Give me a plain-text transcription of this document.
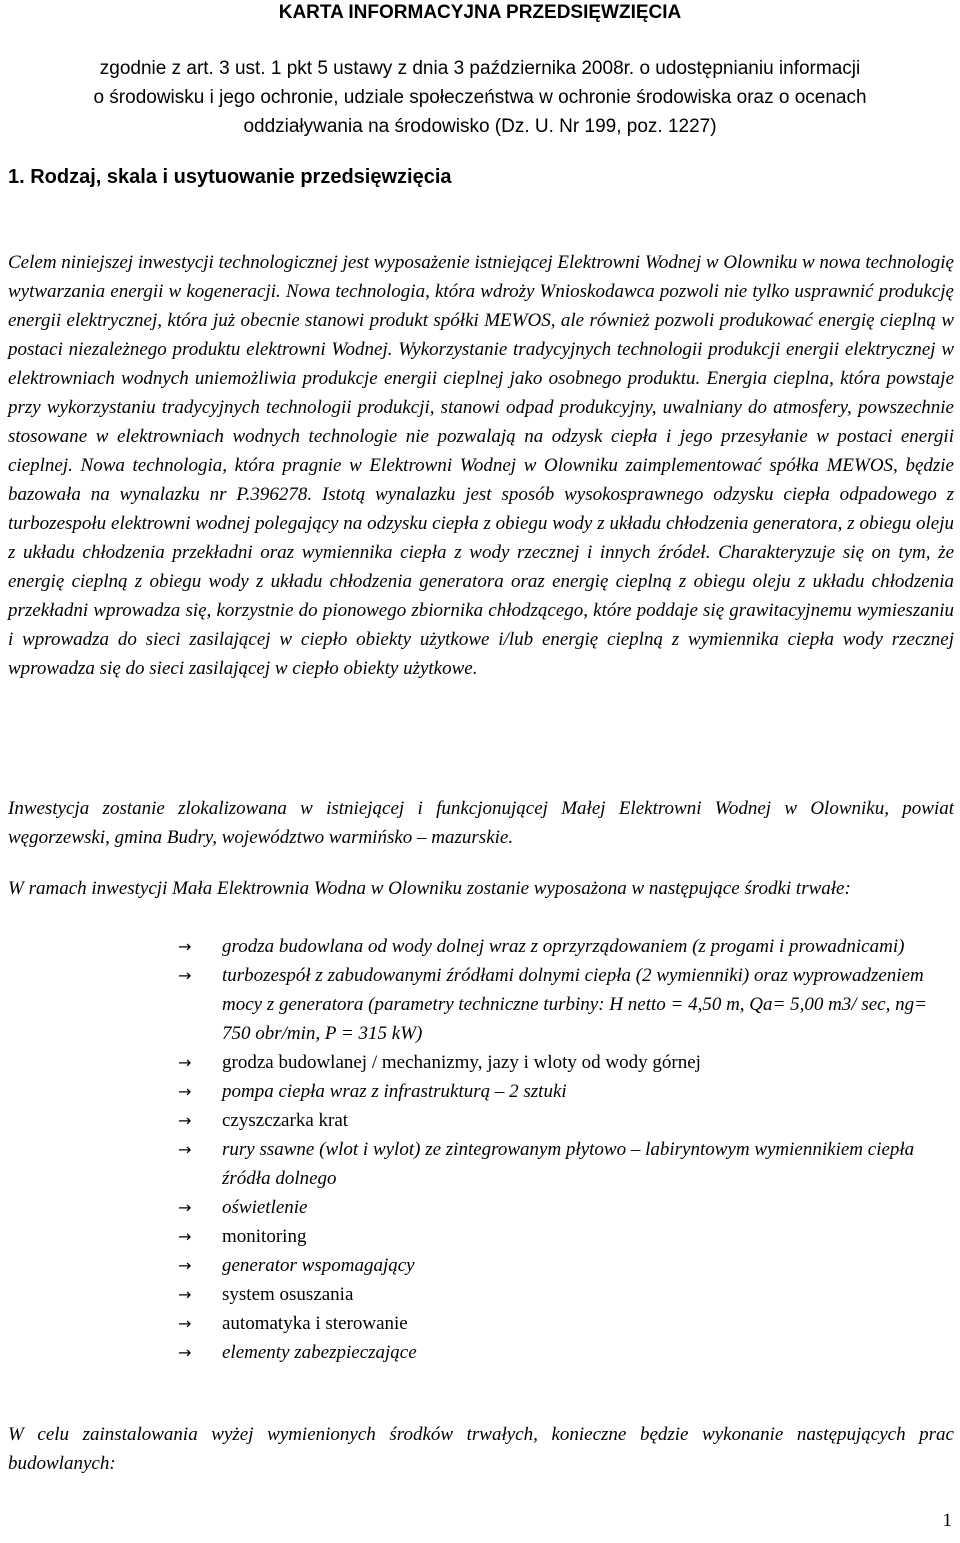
KARTA INFORMACYJNA PRZEDSIĘWZIĘCIA
zgodnie z art. 3 ust. 1 pkt 5 ustawy z dnia 3 października 2008r. o udostępnianiu informacji
o środowisku i jego ochronie, udziale społeczeństwa w ochronie środowiska oraz o ocenach
oddziaływania na środowisko (Dz. U. Nr 199, poz. 1227)
1. Rodzaj, skala i usytuowanie przedsięwzięcia

Celem niniejszej inwestycji technologicznej jest wyposażenie istniejącej Elektrowni Wodnej w Olowniku w nowa technologię wytwarzania energii w kogeneracji. Nowa technologia, która wdroży Wnioskodawca pozwoli nie tylko usprawnić produkcję energii elektrycznej, która już obecnie stanowi produkt spółki MEWOS, ale również pozwoli produkować energię cieplną w postaci niezależnego produktu elektrowni Wodnej. Wykorzystanie tradycyjnych technologii produkcji energii elektrycznej w elektrowniach wodnych uniemożliwia produkcje energii cieplnej jako osobnego produktu. Energia cieplna, która powstaje przy wykorzystaniu tradycyjnych technologii produkcji, stanowi odpad produkcyjny, uwalniany do atmosfery, powszechnie stosowane w elektrowniach wodnych technologie nie pozwalają na odzysk ciepła i jego przesyłanie w postaci energii cieplnej. Nowa technologia, która pragnie w Elektrowni Wodnej w Olowniku zaimplementować spółka MEWOS, będzie bazowała na wynalazku nr P.396278. Istotą wynalazku jest sposób wysokosprawnego odzysku ciepła odpadowego z turbozespołu elektrowni wodnej polegający na odzysku ciepła z obiegu wody z układu chłodzenia generatora, z obiegu oleju z układu chłodzenia przekładni oraz wymiennika ciepła z wody rzecznej i innych źródeł. Charakteryzuje się on tym, że energię cieplną z obiegu wody z układu chłodzenia generatora oraz energię cieplną z obiegu oleju z układu chłodzenia przekładni wprowadza się, korzystnie do pionowego zbiornika chłodzącego, które poddaje się grawitacyjnemu wymieszaniu i wprowadza do sieci zasilającej w ciepło obiekty użytkowe i/lub energię cieplną z wymiennika ciepła wody rzecznej wprowadza się do sieci zasilającej w ciepło obiekty użytkowe.

Inwestycja zostanie zlokalizowana w istniejącej i funkcjonującej Małej Elektrowni Wodnej w Olowniku, powiat węgorzewski, gmina Budry, województwo warmińsko – mazurskie.

W ramach inwestycji Mała Elektrownia Wodna w Olowniku zostanie wyposażona w następujące środki trwałe:

→	grodza budowlana od wody dolnej wraz z oprzyrządowaniem (z progami i prowadnicami)
→	turbozespół z zabudowanymi źródłami dolnymi ciepła (2 wymienniki) oraz wyprowadzeniem mocy z generatora (parametry techniczne turbiny: H netto = 4,50 m, Qa= 5,00 m3/ sec, ng= 750 obr/min, P = 315 kW)
→	grodza budowlanej / mechanizmy, jazy i wloty od wody górnej
→	pompa ciepła wraz z infrastrukturą – 2 sztuki
→	czyszczarka krat
→	rury ssawne (wlot i wylot) ze zintegrowanym płytowo – labiryntowym wymiennikiem ciepła źródła dolnego
→	oświetlenie
→	monitoring
→	generator wspomagający
→	system osuszania
→	automatyka i sterowanie
→	elementy zabezpieczające

W celu zainstalowania wyżej wymienionych środków trwałych, konieczne będzie wykonanie następujących prac budowlanych:

1
